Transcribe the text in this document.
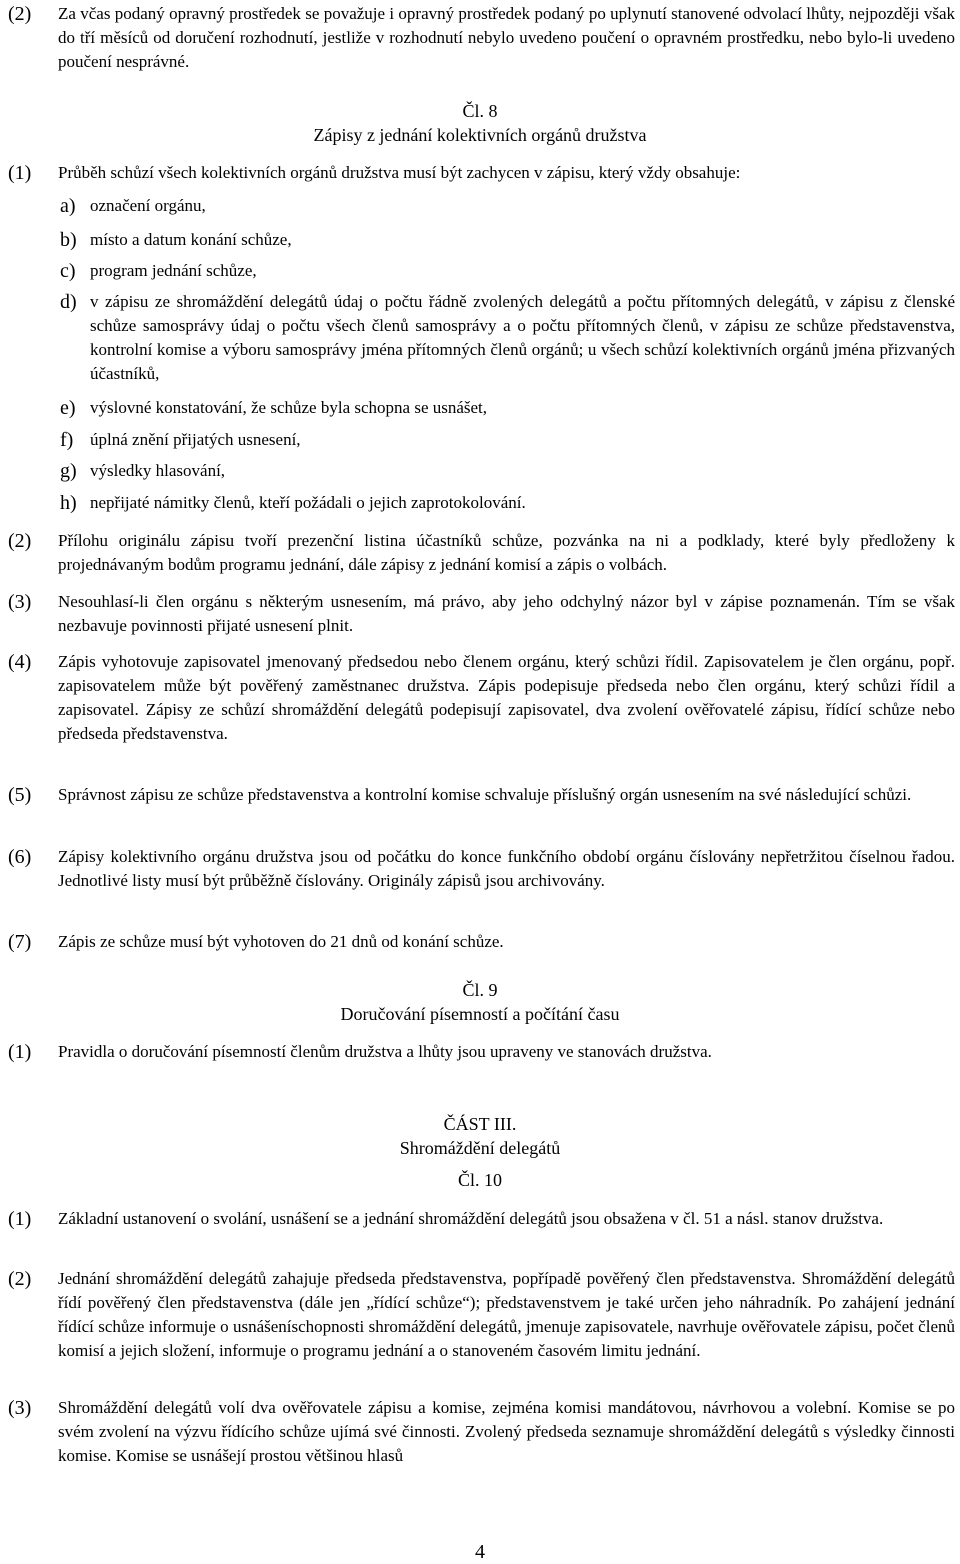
(2) Za včas podaný opravný prostředek se považuje i opravný prostředek podaný po uplynutí stanovené odvolací lhůty, nejpozději však do tří měsíců od doručení rozhodnutí, jestliže v rozhodnutí nebylo uvedeno poučení o opravném prostředku, nebo bylo-li uvedeno poučení nesprávné.
Čl. 8
Zápisy z jednání kolektivních orgánů družstva
(1) Průběh schůzí všech kolektivních orgánů družstva musí být zachycen v zápisu, který vždy obsahuje:
a) označení orgánu,
b) místo a datum konání schůze,
c) program jednání schůze,
d) v zápisu ze shromáždění delegátů údaj o počtu řádně zvolených delegátů a počtu přítomných delegátů, v zápisu z členské schůze samosprávy údaj o počtu všech členů samosprávy a o počtu přítomných členů, v zápisu ze schůze představenstva, kontrolní komise a výboru samosprávy jména přítomných členů orgánů; u všech schůzí kolektivních orgánů jména přizvaných účastníků,
e) výslovné konstatování, že schůze byla schopna se usnášet,
f) úplná znění přijatých usnesení,
g) výsledky hlasování,
h) nepřijaté námitky členů, kteří požádali o jejich zaprotokolování.
(2) Přílohu originálu zápisu tvoří prezenční listina účastníků schůze, pozvánka na ni a podklady, které byly předloženy k projednávaným bodům programu jednání, dále zápisy z jednání komisí a zápis o volbách.
(3) Nesouhlasí-li člen orgánu s některým usnesením, má právo, aby jeho odchylný názor byl v zápise poznamenán. Tím se však nezbavuje povinnosti přijaté usnesení plnit.
(4) Zápis vyhotovuje zapisovatel jmenovaný předsedou nebo členem orgánu, který schůzi řídil. Zapisovatelem je člen orgánu, popř. zapisovatelem může být pověřený zaměstnanec družstva. Zápis podepisuje předseda nebo člen orgánu, který schůzi řídil a zapisovatel. Zápisy ze schůzí shromáždění delegátů podepisují zapisovatel, dva zvolení ověřovatelé zápisu, řídící schůze nebo předseda představenstva.
(5) Správnost zápisu ze schůze představenstva a kontrolní komise schvaluje příslušný orgán usnesením na své následující schůzi.
(6) Zápisy kolektivního orgánu družstva jsou od počátku do konce funkčního období orgánu číslovány nepřetržitou číselnou řadou. Jednotlivé listy musí být průběžně číslovány. Originály zápisů jsou archivovány.
(7) Zápis ze schůze musí být vyhotoven do 21 dnů od konání schůze.
Čl. 9
Doručování písemností a počítání času
(1) Pravidla o doručování písemností členům družstva a lhůty jsou upraveny ve stanovách družstva.
ČÁST III.
Shromáždění delegátů
Čl. 10
(1) Základní ustanovení o svolání, usnášení se a jednání shromáždění delegátů jsou obsažena v čl. 51 a násl. stanov družstva.
(2) Jednání shromáždění delegátů zahajuje předseda představenstva, popřípadě pověřený člen představenstva. Shromáždění delegátů řídí pověřený člen představenstva (dále jen „řídící schůze“); představenstvem je také určen jeho náhradník. Po zahájení jednání řídící schůze informuje o usnášeníschopnosti shromáždění delegátů, jmenuje zapisovatele, navrhuje ověřovatele zápisu, počet členů komisí a jejich složení, informuje o programu jednání a o stanoveném časovém limitu jednání.
(3) Shromáždění delegátů volí dva ověřovatele zápisu a komise, zejména komisi mandátovou, návrhovou a volební. Komise se po svém zvolení na výzvu řídícího schůze ujímá své činnosti. Zvolený předseda seznamuje shromáždění delegátů s výsledky činnosti komise. Komise se usnášejí prostou většinou hlasů
4
